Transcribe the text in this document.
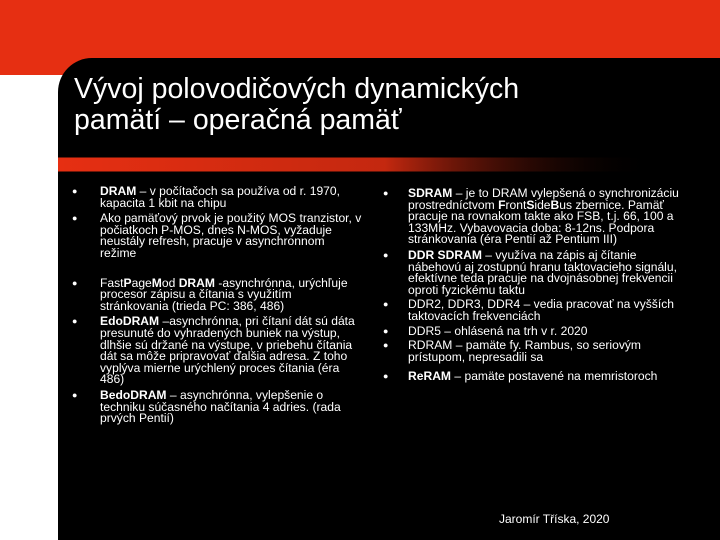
Vývoj polovodičových dynamických
pamätí – operačná pamäť
● DRAM – v počítačoch sa používa od r. 1970, kapacita 1 kbit na chipu
● Ako pamäťový prvok je použitý MOS tranzistor, v počiatkoch P-MOS, dnes N-MOS, vyžaduje neustály refresh, pracuje v asynchronnom režime
● FastPageMod DRAM -asynchrónna, urýchľuje procesor zápisu a čítania s využitím stránkovania (trieda PC: 386, 486)
● EdoDRAM –asynchrónna, pri čítaní dát sú dáta presunuté do vyhradených buniek na výstup, dlhšie sú držané na výstupe, v priebehu čítania dát sa môže pripravovať ďalšia adresa. Z toho vyplýva mierne urýchlený proces čítania (éra 486)
● BedoDRAM – asynchrónna, vylepšenie o techniku súčasného načítania 4 adries. (rada prvých Pentií)
● SDRAM – je to DRAM vylepšená o synchronizáciu prostredníctvom FrontSideBus zbernice. Pamäť pracuje na rovnakom takte ako FSB, t.j. 66, 100 a 133MHz. Vybavovacia doba: 8-12ns. Podpora stránkovania (éra Pentií až Pentium III)
● DDR SDRAM – využíva na zápis aj čítanie nábehovú aj zostupnú hranu taktovacieho signálu, efektívne teda pracuje na dvojnásobnej frekvencii oproti fyzickému taktu
● DDR2, DDR3, DDR4 – vedia pracovať na vyšších taktovacích frekvenciách
● DDR5 – ohlásená na trh v r. 2020
● RDRAM – pamäte fy. Rambus, so seriovým prístupom, nepresadili sa
● ReRAM – pamäte postavené na memristoroch
Jaromír Tříska, 2020
